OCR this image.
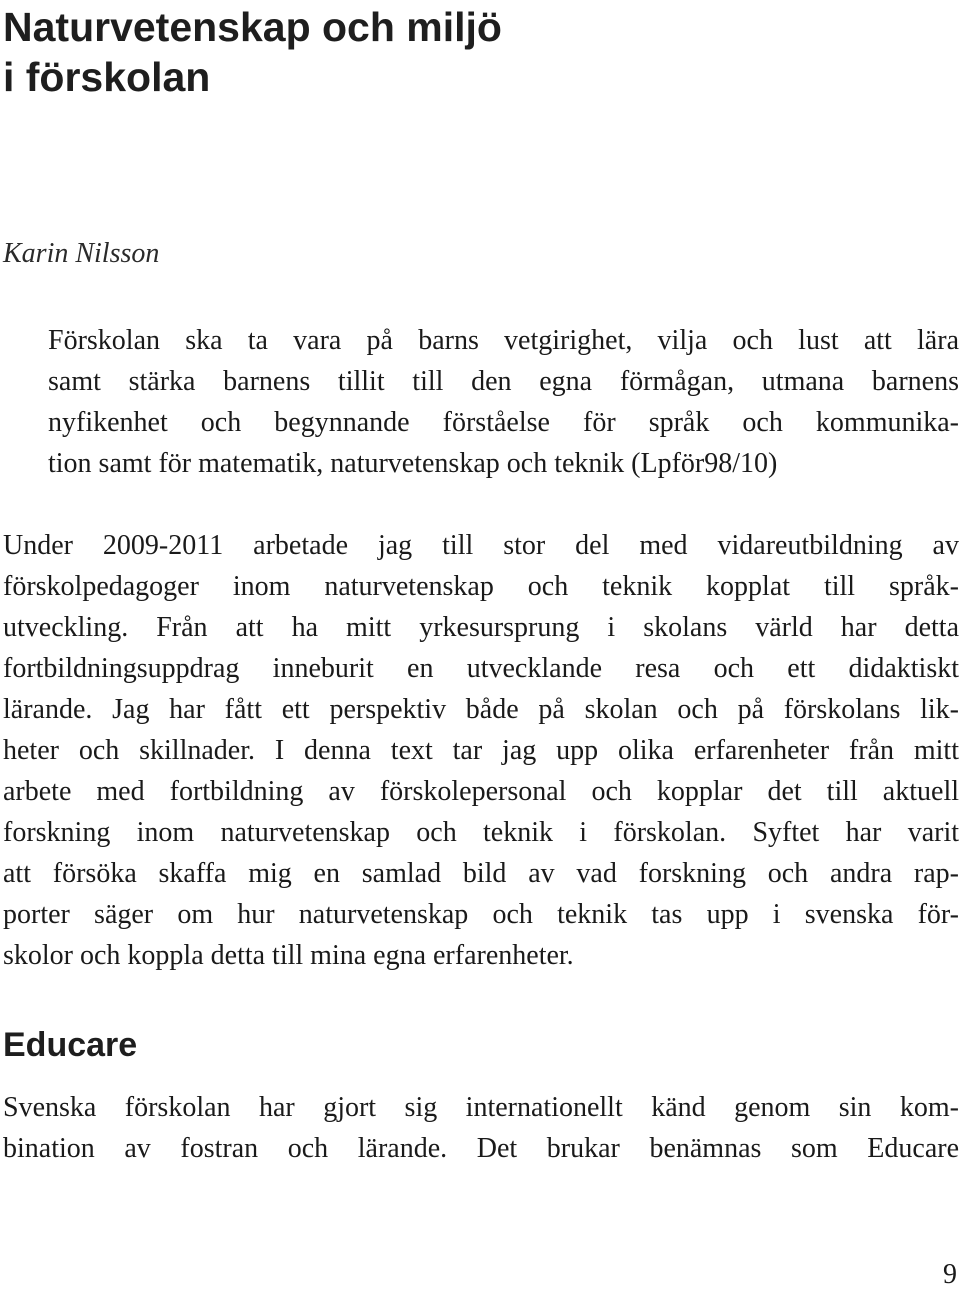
Naturvetenskap och miljö
i förskolan

Karin Nilsson

Förskolan ska ta vara på barns vetgirighet, vilja och lust att lära
samt stärka barnens tillit till den egna förmågan, utmana barnens
nyfikenhet och begynnande förståelse för språk och kommunika-
tion samt för matematik, naturvetenskap och teknik (Lpför98/10)
Under 2009-2011 arbetade jag till stor del med vidareutbildning av
förskolpedagoger inom naturvetenskap och teknik kopplat till språk-
utveckling. Från att ha mitt yrkesursprung i skolans värld har detta
fortbildningsuppdrag inneburit en utvecklande resa och ett didaktiskt
lärande. Jag har fått ett perspektiv både på skolan och på förskolans lik-
heter och skillnader. I denna text tar jag upp olika erfarenheter från mitt
arbete med fortbildning av förskolepersonal och kopplar det till aktuell
forskning inom naturvetenskap och teknik i förskolan. Syftet har varit
att försöka skaffa mig en samlad bild av vad forskning och andra rap-
porter säger om hur naturvetenskap och teknik tas upp i svenska för-
skolor och koppla detta till mina egna erfarenheter.
Educare
Svenska förskolan har gjort sig internationellt känd genom sin kom-
bination av fostran och lärande. Det brukar benämnas som Educare

9
